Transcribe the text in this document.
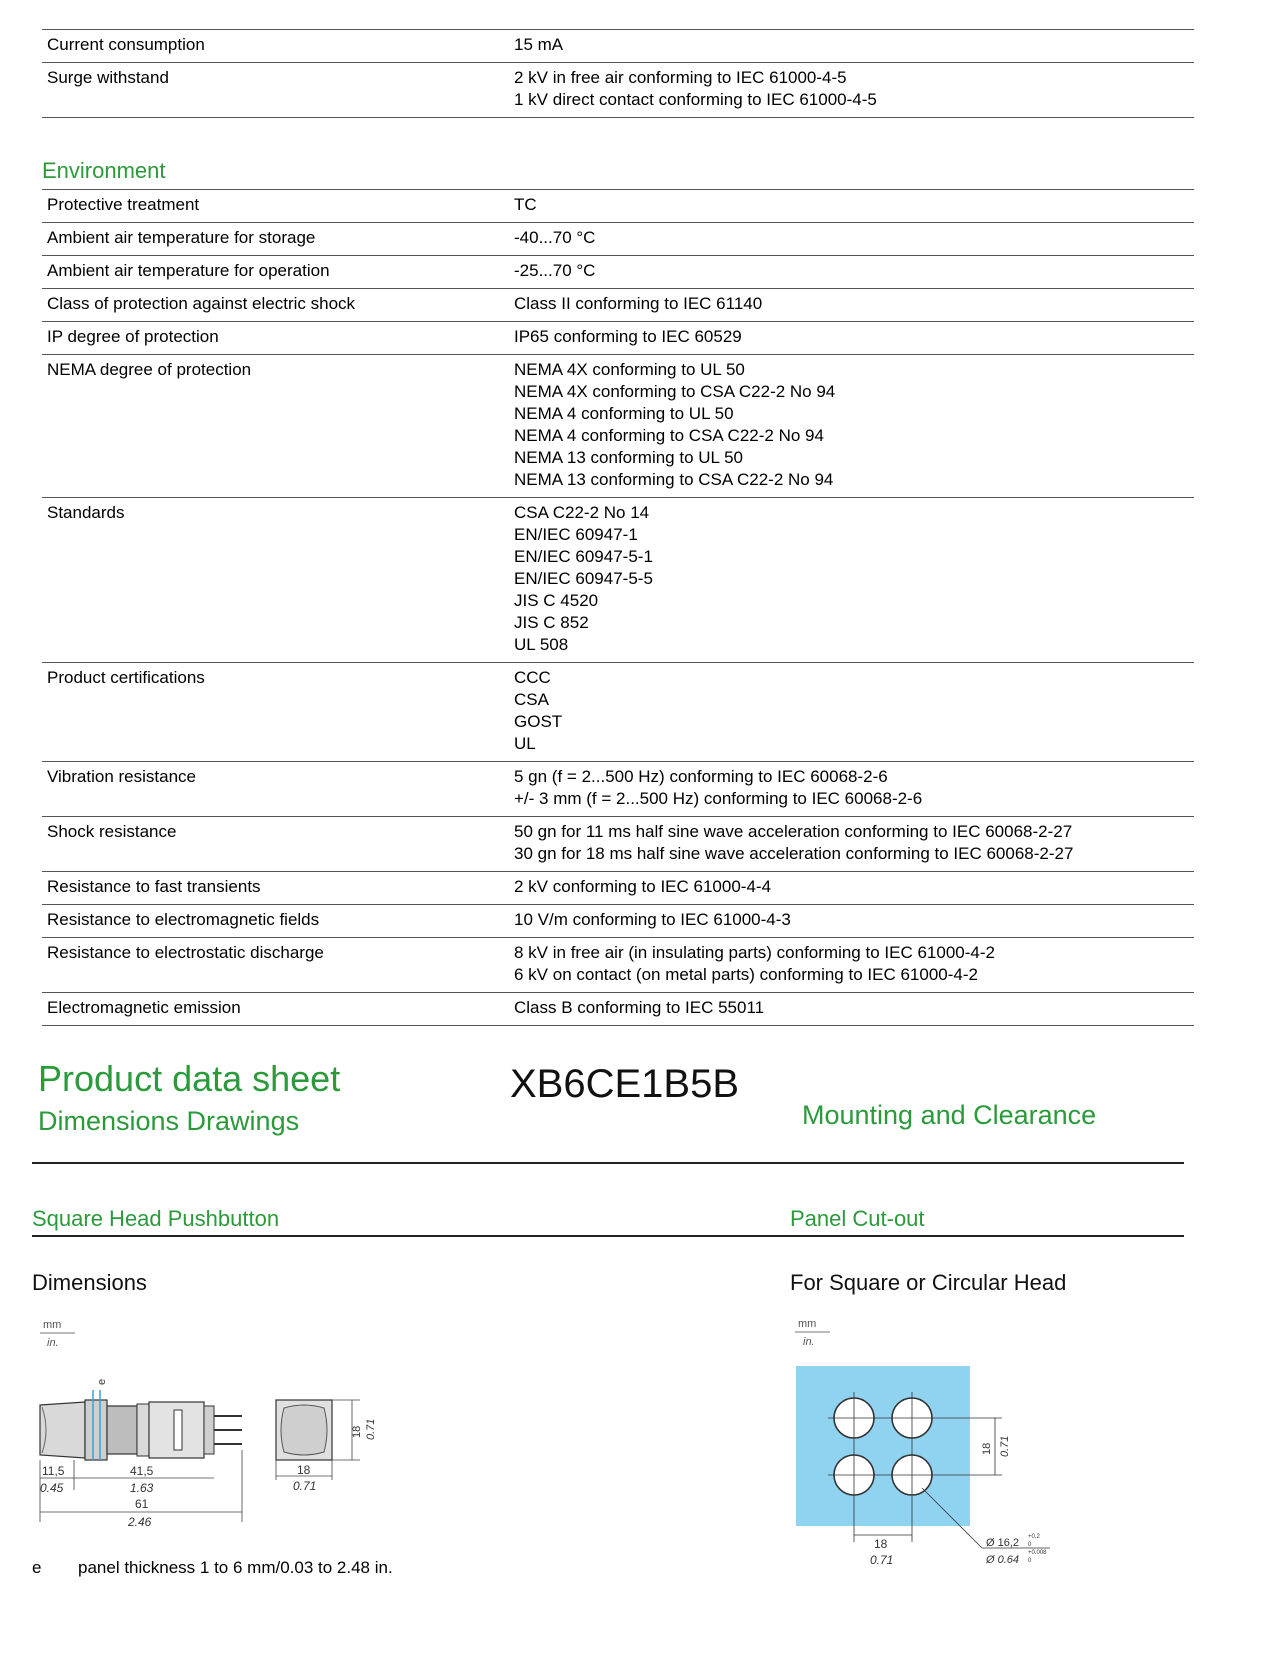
Current consumption	15 mA
Surge withstand	2 kV in free air conforming to IEC 61000-4-5
1 kV direct contact conforming to IEC 61000-4-5
Environment
Protective treatment	TC
Ambient air temperature for storage	-40...70 °C
Ambient air temperature for operation	-25...70 °C
Class of protection against electric shock	Class II conforming to IEC 61140
IP degree of protection	IP65 conforming to IEC 60529
NEMA degree of protection	NEMA 4X conforming to UL 50
NEMA 4X conforming to CSA C22-2 No 94
NEMA 4 conforming to UL 50
NEMA 4 conforming to CSA C22-2 No 94
NEMA 13 conforming to UL 50
NEMA 13 conforming to CSA C22-2 No 94
Standards	CSA C22-2 No 14
EN/IEC 60947-1
EN/IEC 60947-5-1
EN/IEC 60947-5-5
JIS C 4520
JIS C 852
UL 508
Product certifications	CCC
CSA
GOST
UL
Vibration resistance	5 gn (f = 2...500 Hz) conforming to IEC 60068-2-6
+/- 3 mm (f = 2...500 Hz) conforming to IEC 60068-2-6
Shock resistance	50 gn for 11 ms half sine wave acceleration conforming to IEC 60068-2-27
30 gn for 18 ms half sine wave acceleration conforming to IEC 60068-2-27
Resistance to fast transients	2 kV conforming to IEC 61000-4-4
Resistance to electromagnetic fields	10 V/m conforming to IEC 61000-4-3
Resistance to electrostatic discharge	8 kV in free air (in insulating parts) conforming to IEC 61000-4-2
6 kV on contact (on metal parts) conforming to IEC 61000-4-2
Electromagnetic emission	Class B conforming to IEC 55011
Product data sheet
Dimensions Drawings
XB6CE1B5B
Mounting and Clearance
Square Head Pushbutton	Panel Cut-out
Dimensions	For Square or Circular Head
mm
in.
e
11,5
0.45
41,5
1.63
61
2.46
18 0.71
18
0.71
mm
in.
18 0.71
18
0.71
Ø 16,2 +0,2
0
Ø 0.64
+0.008
0
e panel thickness 1 to 6 mm/0.03 to 2.48 in.
